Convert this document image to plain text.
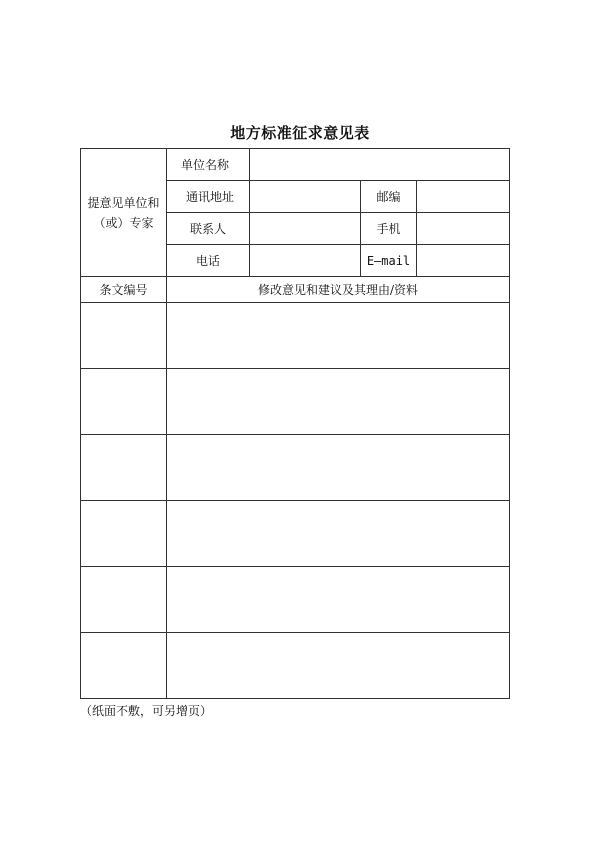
地方标准征求意见表
提意见单位和
（或）专家	单位名称			
	通讯地址		邮编	
	联系人		手机	
	电话		E—mail	
条文编号	修改意见和建议及其理由/资料			

（纸面不敷，可另增页）
